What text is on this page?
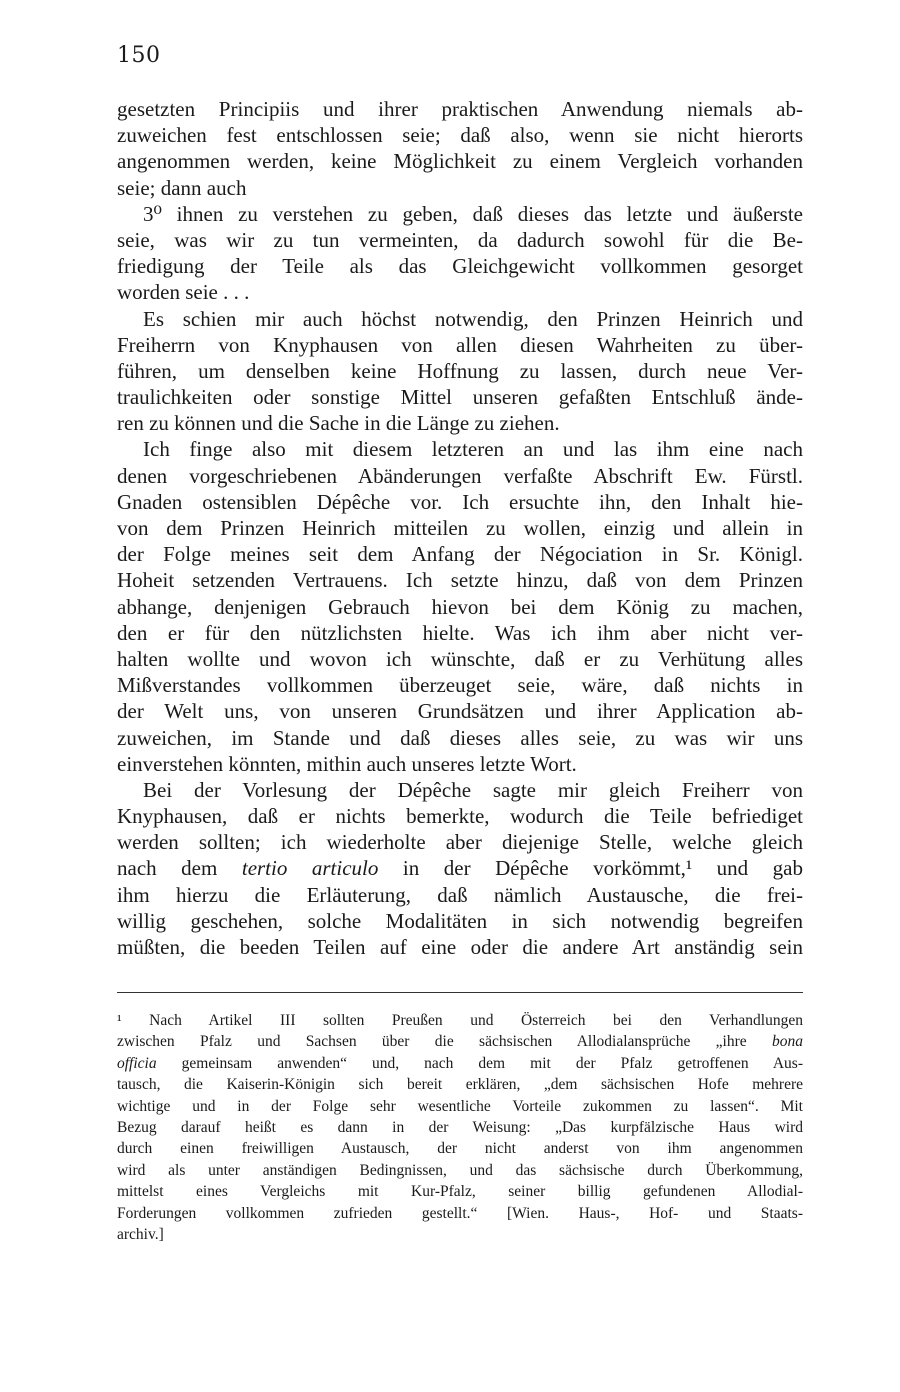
150
gesetzten Principiis und ihrer praktischen Anwendung niemals ab-
zuweichen fest entschlossen seie; daß also, wenn sie nicht hierorts
angenommen werden, keine Möglichkeit zu einem Vergleich vorhanden
seie; dann auch
3⁰ ihnen zu verstehen zu geben, daß dieses das letzte und äußerste
seie, was wir zu tun vermeinten, da dadurch sowohl für die Be-
friedigung der Teile als das Gleichgewicht vollkommen gesorget
worden seie . . .
Es schien mir auch höchst notwendig, den Prinzen Heinrich und
Freiherrn von Knyphausen von allen diesen Wahrheiten zu über-
führen, um denselben keine Hoffnung zu lassen, durch neue Ver-
traulichkeiten oder sonstige Mittel unseren gefaßten Entschluß ände-
ren zu können und die Sache in die Länge zu ziehen.
Ich finge also mit diesem letzteren an und las ihm eine nach
denen vorgeschriebenen Abänderungen verfaßte Abschrift Ew. Fürstl.
Gnaden ostensiblen Dépêche vor. Ich ersuchte ihn, den Inhalt hie-
von dem Prinzen Heinrich mitteilen zu wollen, einzig und allein in
der Folge meines seit dem Anfang der Négociation in Sr. Königl.
Hoheit setzenden Vertrauens. Ich setzte hinzu, daß von dem Prinzen
abhange, denjenigen Gebrauch hievon bei dem König zu machen,
den er für den nützlichsten hielte. Was ich ihm aber nicht ver-
halten wollte und wovon ich wünschte, daß er zu Verhütung alles
Mißverstandes vollkommen überzeuget seie, wäre, daß nichts in
der Welt uns, von unseren Grundsätzen und ihrer Application ab-
zuweichen, im Stande und daß dieses alles seie, zu was wir uns
einverstehen könnten, mithin auch unseres letzte Wort.
Bei der Vorlesung der Dépêche sagte mir gleich Freiherr von
Knyphausen, daß er nichts bemerkte, wodurch die Teile befriediget
werden sollten; ich wiederholte aber diejenige Stelle, welche gleich
nach dem tertio articulo in der Dépêche vorkömmt,¹ und gab
ihm hierzu die Erläuterung, daß nämlich Austausche, die frei-
willig geschehen, solche Modalitäten in sich notwendig begreifen
müßten, die beeden Teilen auf eine oder die andere Art anständig sein
¹ Nach Artikel III sollten Preußen und Österreich bei den Verhandlungen
zwischen Pfalz und Sachsen über die sächsischen Allodialansprüche „ihre bona
officia gemeinsam anwenden“ und, nach dem mit der Pfalz getroffenen Aus-
tausch, die Kaiserin-Königin sich bereit erklären, „dem sächsischen Hofe mehrere
wichtige und in der Folge sehr wesentliche Vorteile zukommen zu lassen“. Mit
Bezug darauf heißt es dann in der Weisung: „Das kurpfälzische Haus wird
durch einen freiwilligen Austausch, der nicht anderst von ihm angenommen
wird als unter anständigen Bedingnissen, und das sächsische durch Überkommung,
mittelst eines Vergleichs mit Kur-Pfalz, seiner billig gefundenen Allodial-
Forderungen vollkommen zufrieden gestellt.“ [Wien. Haus-, Hof- und Staats-
archiv.]
